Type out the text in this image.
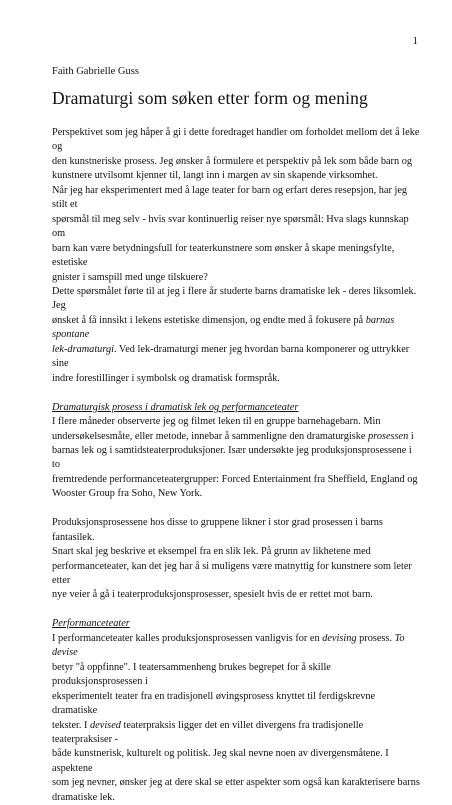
1
Faith Gabrielle Guss
Dramaturgi som søken etter form og mening

Perspektivet som jeg håper å gi i dette foredraget handler om forholdet mellom det å leke og

den kunstneriske prosess. Jeg ønsker å formulere et perspektiv på lek som både barn og

kunstnere utvilsomt kjenner til, langt inn i margen av sin skapende virksomhet.

Når jeg har eksperimentert med å lage teater for barn og erfart deres resepsjon, har jeg stilt et

spørsmål til meg selv - hvis svar kontinuerlig reiser nye spørsmål: Hva slags kunnskap om

barn kan være betydningsfull for teaterkunstnere som ønsker å skape meningsfylte, estetiske

gnister i samspill med unge tilskuere?

Dette spørsmålet førte til at jeg i flere år studerte barns dramatiske lek - deres liksomlek. Jeg

ønsket å få innsikt i lekens estetiske dimensjon, og endte med å fokusere på barnas spontane

lek-dramaturgi. Ved lek-dramaturgi mener jeg hvordan barna komponerer og uttrykker sine

indre forestillinger i symbolsk og dramatisk formspråk.

Dramaturgisk prosess i dramatisk lek og performanceteater

I flere måneder observerte jeg og filmet leken til en gruppe barnehagebarn. Min

undersøkelsesmåte, eller metode, innebar å sammenligne den dramaturgiske prosessen i

barnas lek og i samtidsteaterproduksjoner. Især undersøkte jeg produksjonsprosessene i to

fremtredende performanceteatergrupper: Forced Entertainment fra Sheffield, England og

Wooster Group fra Soho, New York.

Produksjonsprosessene hos disse to gruppene likner i stor grad prosessen i barns fantasilek.

Snart skal jeg beskrive et eksempel fra en slik lek. På grunn av likhetene med

performanceteater, kan det jeg har å si muligens være matnyttig for kunstnere som leter etter

nye veier å gå i teaterproduksjonsprosesser, spesielt hvis de er rettet mot barn.

Performanceteater

I performanceteater kalles produksjonsprosessen vanligvis for en devising prosess. To devise

betyr "å oppfinne". I teatersammenheng brukes begrepet for å skille produksjonsprosessen i

eksperimentelt teater fra en tradisjonell øvingsprosess knyttet til ferdigskrevne dramatiske

tekster. I devised teaterpraksis ligger det en villet divergens fra tradisjonelle teaterpraksiser -

både kunstnerisk, kulturelt og politisk. Jeg skal nevne noen av divergensmåtene. I aspektene

som jeg nevner, ønsker jeg at dere skal se etter aspekter som også kan karakterisere barns

dramatiske lek.
